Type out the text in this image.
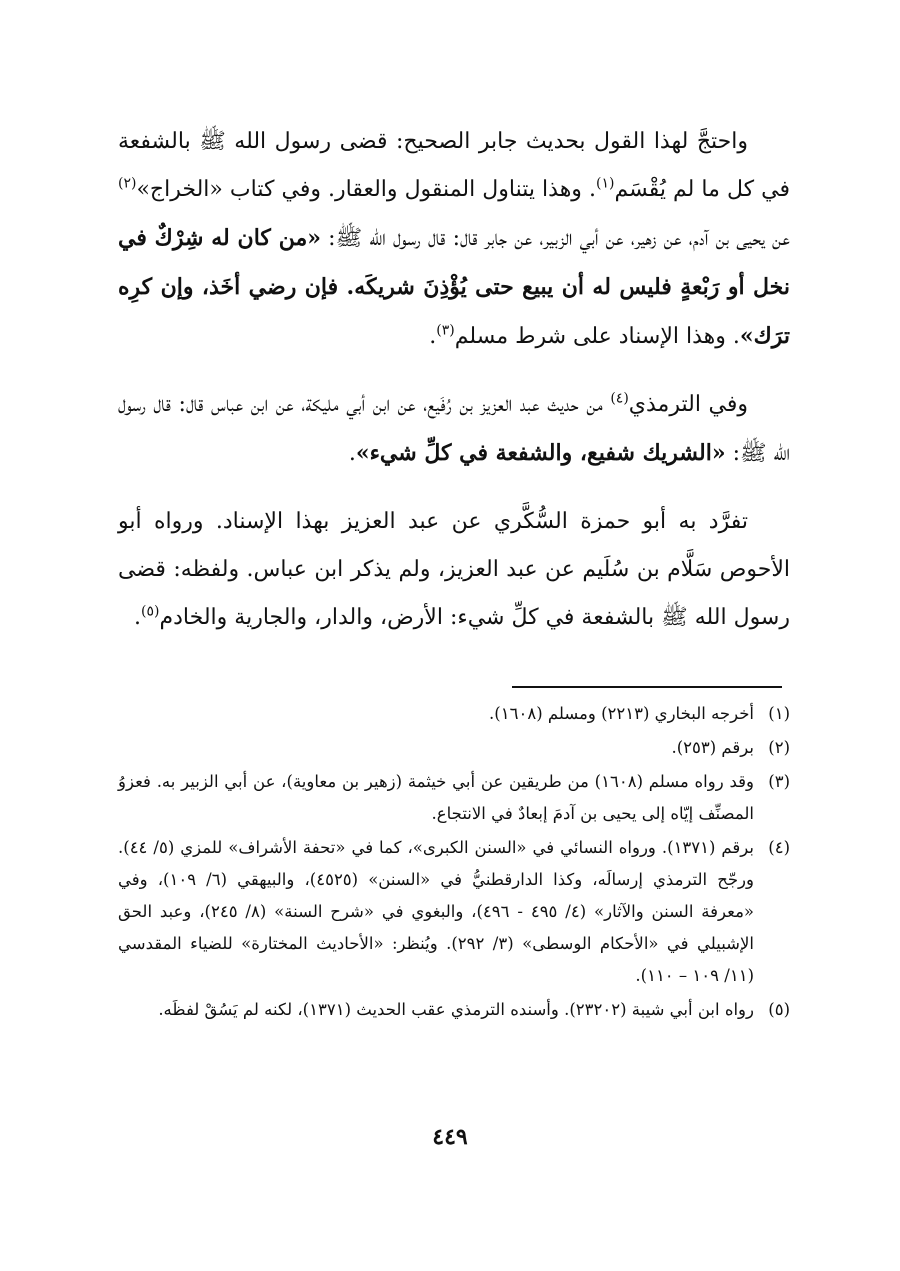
واحتجَّ لهذا القول بحديث جابر الصحيح: قضى رسول الله ﷺ بالشفعة في كل ما لم يُقْسَم$^{(١)}$. وهذا يتناول المنقول والعقار. وفي كتاب «الخراج»$^{(٢)}$ عن يحيى بن آدم، عن زهير، عن أبي الزبير، عن جابر قال: قال رسول الله ﷺ: «من كان له شِرْكٌ في نخل أو رَبْعةٍ فليس له أن يبيع حتى يُؤْذِنَ شريكَه. فإن رضي أخَذ، وإن كرِه ترَك». وهذا الإسناد على شرط مسلم$^{(٣)}$.

وفي الترمذي$^{(٤)}$ من حديث عبد العزيز بن رُفَيع، عن ابن أبي مليكة، عن ابن عباس قال: قال رسول الله ﷺ: «الشريك شفيع، والشفعة في كلِّ شيء».

تفرَّد به أبو حمزة السُّكَّري عن عبد العزيز بهذا الإسناد. ورواه أبو الأحوص سَلَّام بن سُلَيم عن عبد العزيز، ولم يذكر ابن عباس. ولفظه: قضى رسول الله ﷺ بالشفعة في كلِّ شيء: الأرض، والدار، والجارية والخادم$^{(٥)}$.

(١)
أخرجه البخاري (٢٢١٣) ومسلم (١٦٠٨).
(٢)
برقم (٢٥٣).
(٣)
وقد رواه مسلم (١٦٠٨) من طريقين عن أبي خيثمة (زهير بن معاوية)، عن أبي الزبير به. فعزوُ المصنِّف إيّاه إلى يحيى بن آدمَ إبعادٌ في الانتجاع.
(٤)
برقم (١٣٧١). ورواه النسائي في «السنن الكبرى»، كما في «تحفة الأشراف» للمزي (٥/ ٤٤). ورجّح الترمذي إرسالَه، وكذا الدارقطنيُّ في «السنن» (٤٥٢٥)، والبيهقي (٦/ ١٠٩)، وفي «معرفة السنن والآثار» (٤/ ٤٩٥ - ٤٩٦)، والبغوي في «شرح السنة» (٨/ ٢٤٥)، وعبد الحق الإشبيلي في «الأحكام الوسطى» (٣/ ٢٩٢). ويُنظر: «الأحاديث المختارة» للضياء المقدسي (١١/ ١٠٩ – ١١٠).
(٥)
رواه ابن أبي شيبة (٢٣٢٠٢). وأسنده الترمذي عقب الحديث (١٣٧١)، لكنه لم يَسُقْ لفظَه.
٤٤٩
